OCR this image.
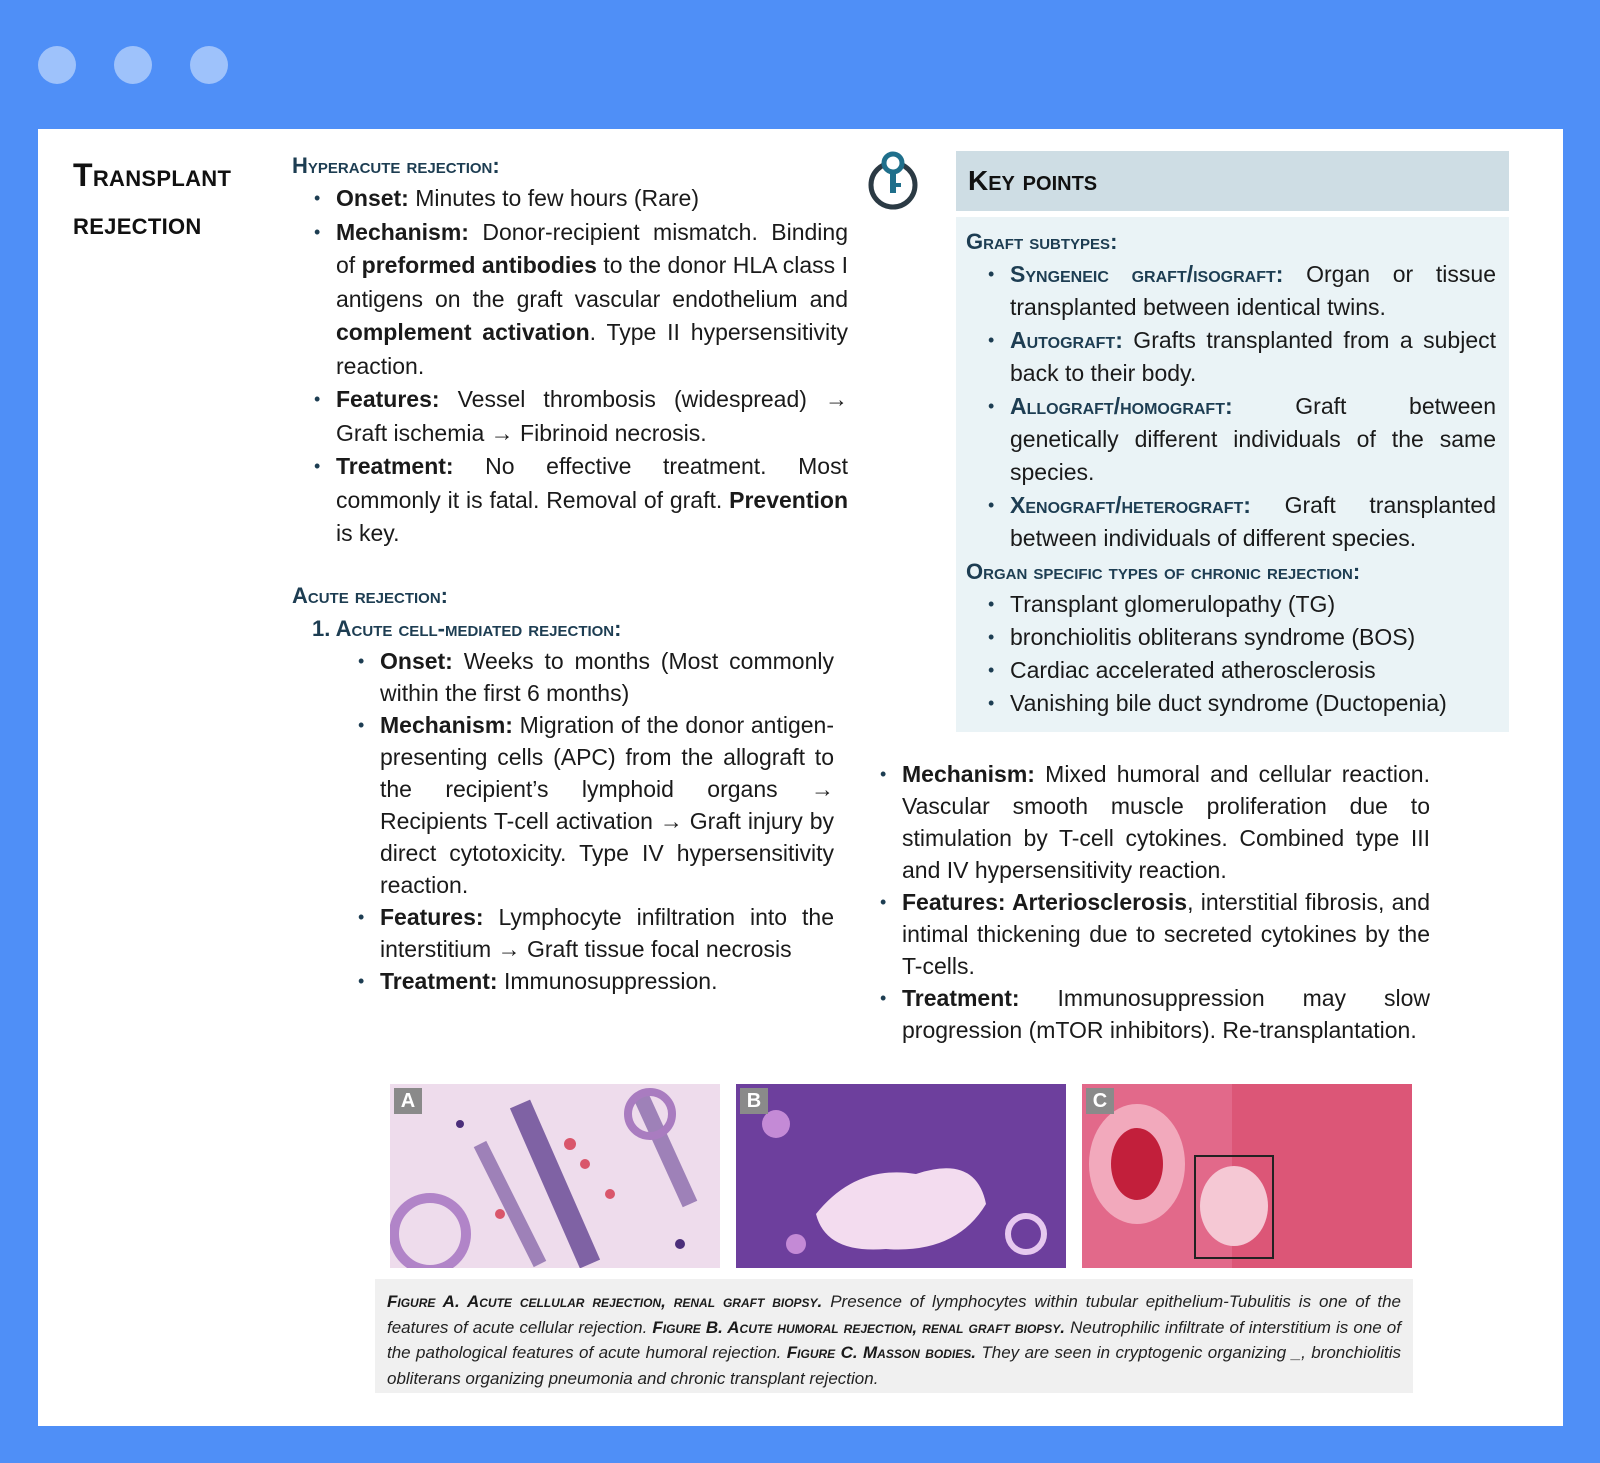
Transplant
rejection
Hyperacute rejection:
• Onset: Minutes to few hours (Rare)
• Mechanism: Donor-recipient mismatch. Binding of preformed antibodies to the donor HLA class I antigens on the graft vascular endothelium and complement activation. Type II hypersensitivity reaction.
• Features: Vessel thrombosis (widespread) → Graft ischemia → Fibrinoid necrosis.
• Treatment: No effective treatment. Most commonly it is fatal. Removal of graft. Prevention is key.
Acute rejection:
1. Acute cell-mediated rejection:
• Onset: Weeks to months (Most commonly within the first 6 months)
• Mechanism: Migration of the donor antigen-presenting cells (APC) from the allograft to the recipient’s lymphoid organs → Recipients T-cell activation → Graft injury by direct cytotoxicity. Type IV hypersensitivity reaction.
• Features: Lymphocyte infiltration into the interstitium → Graft tissue focal necrosis
• Treatment: Immunosuppression.
Key points
Graft subtypes:
• Syngeneic graft/isograft: Organ or tissue transplanted between identical twins.
• Autograft: Grafts transplanted from a subject back to their body.
• Allograft/homograft: Graft between genetically different individuals of the same species.
• Xenograft/heterograft: Graft transplanted between individuals of different species.
Organ specific types of chronic rejection:
• Transplant glomerulopathy (TG)
• bronchiolitis obliterans syndrome (BOS)
• Cardiac accelerated atherosclerosis
• Vanishing bile duct syndrome (Ductopenia)
• Mechanism: Mixed humoral and cellular reaction. Vascular smooth muscle proliferation due to stimulation by T-cell cytokines. Combined type III and IV hypersensitivity reaction.
• Features: Arteriosclerosis, interstitial fibrosis, and intimal thickening due to secreted cytokines by the T-cells.
• Treatment: Immunosuppression may slow progression (mTOR inhibitors). Re-transplantation.
A	B	C
Figure A. Acute cellular rejection, renal graft biopsy. Presence of lymphocytes within tubular epithelium-Tubulitis is one of the features of acute cellular rejection. Figure B. Acute humoral rejection, renal graft biopsy. Neutrophilic infiltrate of interstitium is one of the pathological features of acute humoral rejection. Figure C. Masson bodies. They are seen in cryptogenic organizing _, bronchiolitis obliterans organizing pneumonia and chronic transplant rejection.
